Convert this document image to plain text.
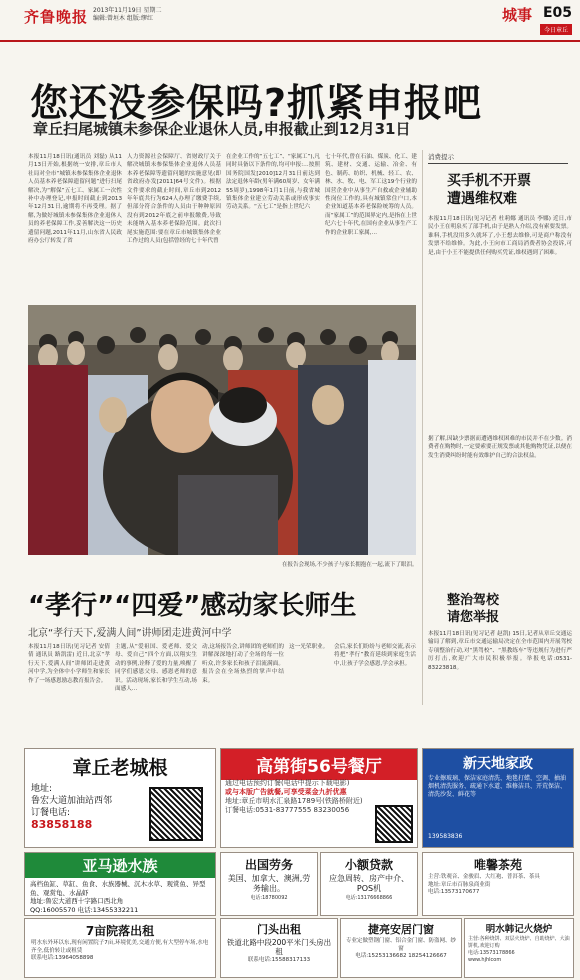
齐鲁晚报 2013年11月19日 星期二
编辑:曾垣木 组版:缪红	城事 E05
今日章丘
您还没参保吗?抓紧申报吧
章丘扫尾城镇未参保企业退休人员,申报截止到12月31日
本报11月18日讯(通讯员 刘磊) 从11月13日开始,根据统一安排,章丘市人社局对全市“城镇未参保集体企业退休人员基本养老保障遗留问题”进行扫尾解决,为“解保”五七工、家属工一次性补中办理登记,申报时间截止到2013年12月31日,逾期将不再受理。据了解,为做好城镇未参保集体企业退休人员的养老保障工作,妥善解决这一历史遗留问题,2011年11月,山东省人民政府办公厅转发了省
人力资源社会保障厅、省财政厅关于解决城镇未参保集体企业退休人员基本养老保障等遗留问题的实施意见(即省政府办发[2011]64号文件)。根据文件要求的截止时间,章丘市到2012年年底共行为624人办理了缴费手续,但部分符合条件的人员由于种种原因没有到2012年底之前申报缴费,导致未能纳入基本养老保险范围。此次扫尾实施范围:要在章丘市城镇集体企业工作过的人员(包括曾经的七十年代曾
在企业工作的“五七工”、“家属工”),凡同时具备以下条件的,均可申报:…按照国务院国发[2010]12月31日前达到法定退休年龄(男年满60周岁、女年满55周岁),1998年1月1日前,与我省城镇集体企业建立劳动关系或形成事实劳动关系。“五七工”是指上世纪六
七十年代,曾在石油、煤炭、化工、建筑、建材、交通、运输、冶金、有色、制药、纺织、机械、轻工、农、林、水、牧、电、军工这19个行业的国营企业中从事生产自救或企业辅助性岗位工作的,具有城镇常住户口,本企业知道基本养老保险统筹的人员。而“家属工”的范围界定内,是指在上世纪六七十年代,在国有企业从事生产工作的企业职工家属,…
在报告会现场,不少孩子与家长拥抱在一起,流下了眼泪。
消费提示
买手机不开票
遭遇维权难
本报11月18日讯(见习记者 杜莉娜 通讯员 李娜) 近日,市民小王在明泉买了部手机,由于是熟人介绍,没有索要发票。谁料,手机没用多久就坏了,小王想去维修,可是商户称没有发票不给维修。为此,小王向市工商局消费者协会投诉,可是,由于小王不能提供任何购买凭证,维权遇到了困难。
据了解,因缺少票据而遭遇维权困难的市民并不在少数。消费者在购物时,一定要索要正规发票或其他购物凭证,以便在发生消费纠纷时能有效维护自己的合法权益。
整治驾校
请您举报
本报11月18日讯(见习记者 赵凯) 15日,记者从章丘交通运输局了解到,章丘市交通运输局决定在全市范围内开展驾校专项整治行动,对“黑驾校”、“黑教练车”等违规行为进行严厉打击,欢迎广大市民积极举报。举报电话:0531-83223818。
“孝行”“四爱”感动家长师生
北京“孝行天下,爱满人间”讲师团走进黄河中学
本报11月18日讯(见习记者 安倩倩 通讯员 路凯雷) 近日,北京“孝行天下,爱满人间”讲师团走进黄河中学,为全体中小学师生和家长作了一场感恩励志教育报告会。
主题,从“爱祖国、爱老师、爱父母、爱自己”四个方面,以翔实生动的事例,诠释了爱的力量,唤醒了同学们感恩父母、感恩老师的意识。活动现场,家长和学生互动,场面感人…
动,这场报告会,讲师团的老师们的讲解深深地打动了全场的每一位听众,许多家长和孩子泪流满面。报告会在全场热烈的掌声中结束。
这一光荣职业。 会后,家长们纷纷与老师交流,表示将把“孝行”教育延续到家庭生活中,让孩子学会感恩,学会承担。
章丘老城根
地址:
鲁宏大道加油站西邻
订餐电话:
83858188
高第街56号餐厅
通过电话预约订餐(电话中提示下载电影)
或与本版广告就餐,可享受菜金九折优惠
地址:章丘市明水汇泉路1789号(铁路桥附近)
订餐电话:0531-83777555 83230056
新天地家政
专业擦玻璃、保洁家庭清洗、地毯打蜡、空调、抽油烟机清洗服务、疏通下水道、维修洁具、开荒保洁、清洗沙发、鲜花等
139583836
亚马逊水族
高档鱼缸、草缸、鱼食、水族器械、沉木水草、观赏鱼、异型鱼、观赏龟、水晶虾
地址:鲁宏大道西十字路口西北角
QQ:16005570 电话:13455332211
出国劳务
美国、加拿大、澳洲,劳务输出。
电话:18780092
小额贷款
应急周转、房产中介、POS机
电话:13176668866
唯馨茶苑
主营:铁观音、金骏眉、大红袍、普洱茶、茶具
地址:章丘市百脉泉商业街
电话:13573170677
7亩院落出租
明水东外环以东,现有闲置院子7亩,环境优美,交通方便,有大型停车场,水电齐全,低价转让或租赁
联系电话:13964058898
门头出租
铁道北路中段200平米门头房出租
联系电话:15588317133
捷亮安居门窗
专业定做塑钢门窗、铝合金门窗、防盗网、纱窗
电话:15253136682 18254126667
明水韩记火烧炉
主营:各种烧饼、双层火烧炉、自助烧炉、大油饼机,欢迎订购
电话:13573178866
www.hjhlcom
